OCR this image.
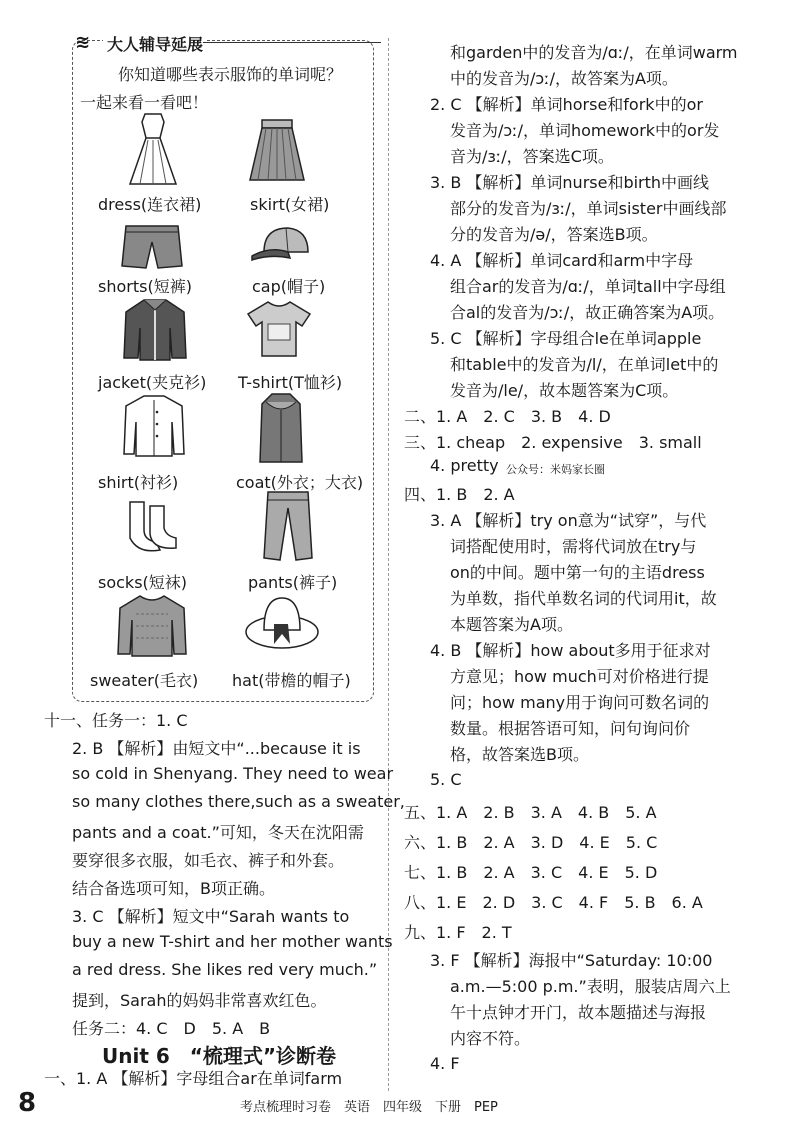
≋	大人辅导延展
你知道哪些表示服饰的单词呢？
一起来看一看吧！
dress(连衣裙)	skirt(女裙)
shorts(短裤)	cap(帽子)
jacket(夹克衫) T-shirt(T恤衫)
shirt(衬衫)	coat(外衣；大衣)
socks(短袜)	pants(裤子)
sweater(毛衣) hat(带檐的帽子)
十一、任务一：1. C
2. B 【解析】由短文中“...because it is
so cold in Shenyang. They need to wear
so many clothes there,such as a sweater,
pants and a coat.”可知，冬天在沈阳需
要穿很多衣服，如毛衣、裤子和外套。
结合备选项可知，B项正确。
3. C 【解析】短文中“Sarah wants to
buy a new T-shirt and her mother wants
a red dress. She likes red very much.”
提到，Sarah的妈妈非常喜欢红色。
任务二：4. C　D　5. A　B
Unit 6　“梳理式”诊断卷
一、1. A 【解析】字母组合ar在单词farm
和garden中的发音为/ɑː/，在单词warm
中的发音为/ɔː/，故答案为A项。
2. C 【解析】单词horse和fork中的or
发音为/ɔː/，单词homework中的or发
音为/ɜː/，答案选C项。
3. B 【解析】单词nurse和birth中画线
部分的发音为/ɜː/，单词sister中画线部
分的发音为/ə/，答案选B项。
4. A 【解析】单词card和arm中字母
组合ar的发音为/ɑː/，单词tall中字母组
合al的发音为/ɔː/，故正确答案为A项。
5. C 【解析】字母组合le在单词apple
和table中的发音为/l/，在单词let中的
发音为/le/，故本题答案为C项。
二、1. A　2. C　3. B　4. D
三、1. cheap　2. expensive　3. small
4. pretty 公众号：米妈家长圈
四、1. B　2. A
3. A 【解析】try on意为“试穿”，与代
词搭配使用时，需将代词放在try与
on的中间。题中第一句的主语dress
为单数，指代单数名词的代词用it，故
本题答案为A项。
4. B 【解析】how about多用于征求对
方意见；how much可对价格进行提
问；how many用于询问可数名词的
数量。根据答语可知，问句询问价
格，故答案选B项。
5. C
五、1. A　2. B　3. A　4. B　5. A
六、1. B　2. A　3. D　4. E　5. C
七、1. B　2. A　3. C　4. E　5. D
八、1. E　2. D　3. C　4. F　5. B　6. A
九、1. F　2. T
3. F 【解析】海报中“Saturday: 10:00
a.m.—5:00 p.m.”表明，服装店周六上
午十点钟才开门，故本题描述与海报
内容不符。
4. F
8	考点梳理时习卷　英语　四年级　下册　PEP
